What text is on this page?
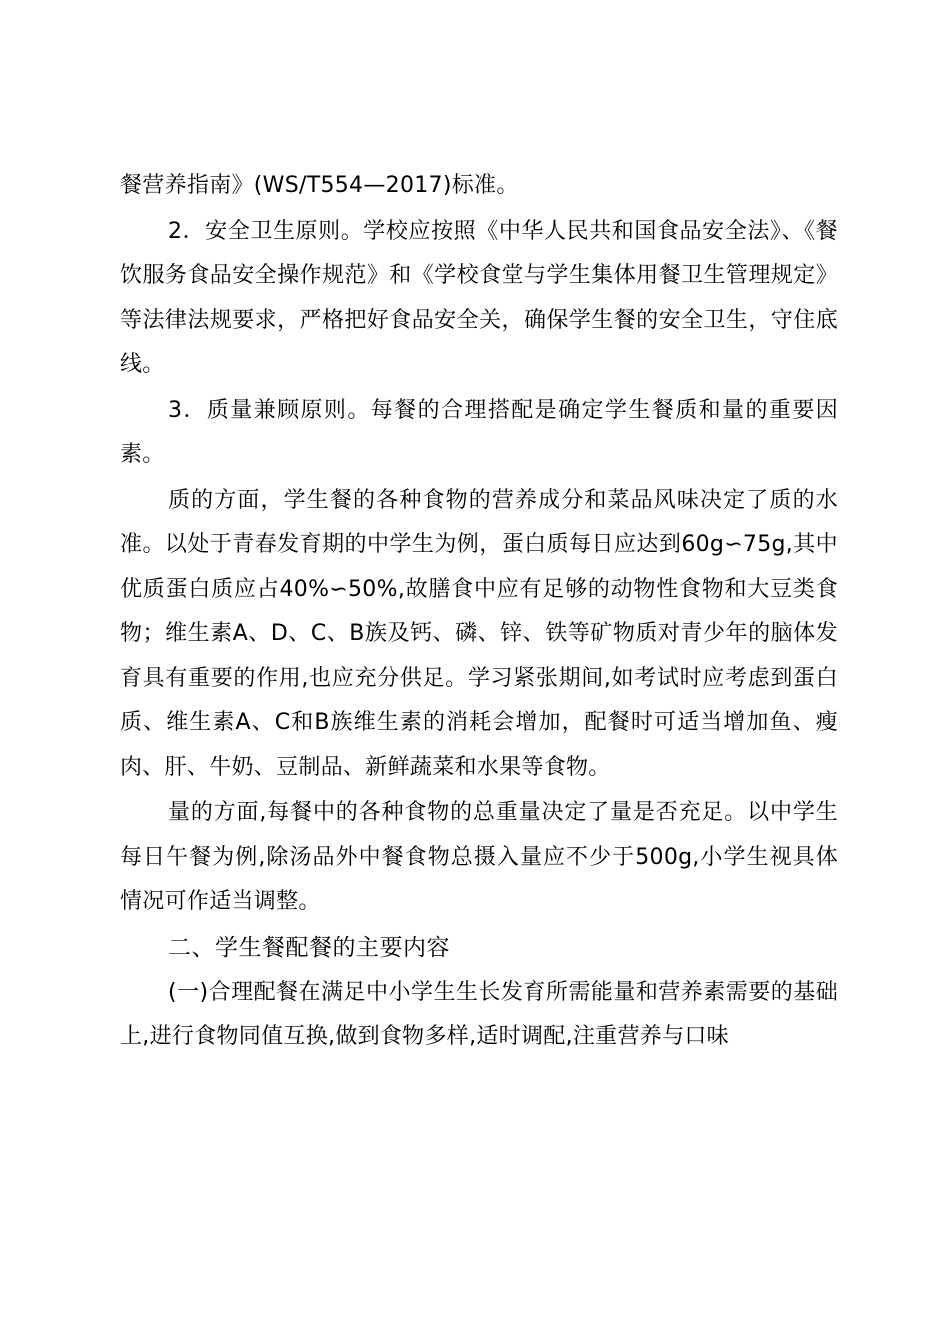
餐营养指南》(WS/T554—2017)标准。

2．安全卫生原则。学校应按照《中华人民共和国食品安全法》、《餐饮服务食品安全操作规范》和《学校食堂与学生集体用餐卫生管理规定》等法律法规要求，严格把好食品安全关，确保学生餐的安全卫生，守住底线。

3．质量兼顾原则。每餐的合理搭配是确定学生餐质和量的重要因素。

质的方面，学生餐的各种食物的营养成分和菜品风味决定了质的水准。以处于青春发育期的中学生为例，蛋白质每日应达到60g∽75g,其中优质蛋白质应占40%∽50%,故膳食中应有足够的动物性食物和大豆类食物；维生素A、D、C、B族及钙、磷、锌、铁等矿物质对青少年的脑体发育具有重要的作用,也应充分供足。学习紧张期间,如考试时应考虑到蛋白质、维生素A、C和B族维生素的消耗会增加，配餐时可适当增加鱼、瘦肉、肝、牛奶、豆制品、新鲜蔬菜和水果等食物。

量的方面,每餐中的各种食物的总重量决定了量是否充足。以中学生每日午餐为例,除汤品外中餐食物总摄入量应不少于500g,小学生视具体情况可作适当调整。

二、学生餐配餐的主要内容

(一)合理配餐在满足中小学生生长发育所需能量和营养素需要的基础上,进行食物同值互换,做到食物多样,适时调配,注重营养与口味
